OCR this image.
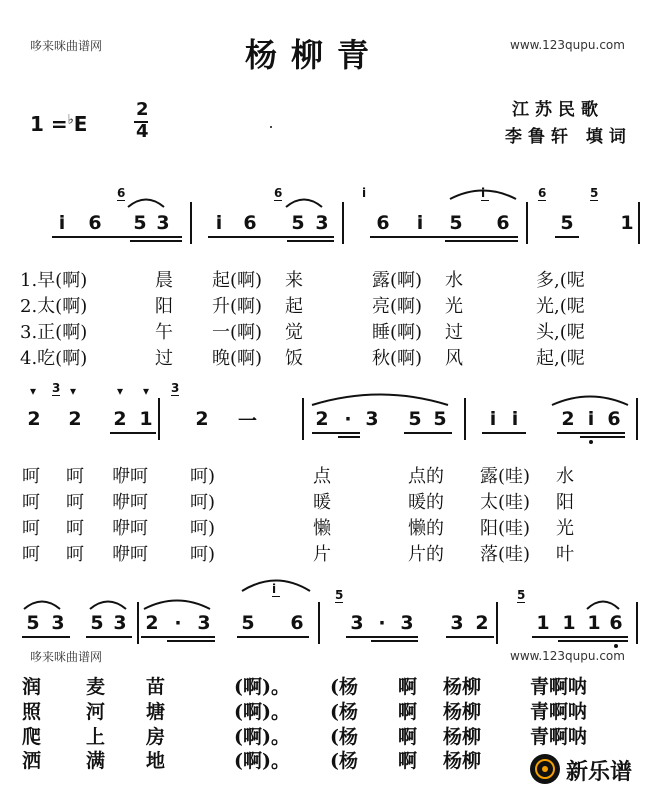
哆来咪曲谱网	杨柳青	www.123qupu.com
1 =♭E
2
4
江苏民歌
李鲁轩 填词
6	6	i	i	6	5
i	6 5 3	i	6 5 3	6	i	5 6	5 1
1.早(啊)	晨 起(啊) 来	露(啊) 水	多,(呢
2.太(啊)	阳 升(啊) 起	亮(啊) 光	光,(呢
3.正(啊)	午 一(啊) 觉	睡(啊) 过	头,(呢
4.吃(啊)	过 晚(啊) 饭	秋(啊) 风	起,(呢
▾	▾	▾ ▾
3	3
2 2 2 1 2 一	2 · 3 5 5	i i	2 i 6
呵 呵 咿呵 呵)	点	点的 露(哇) 水
呵 呵 咿呵 呵)	暖	暖的 太(哇) 阳
呵 呵 咿呵 呵)	懒	懒的 阳(哇) 光
呵 呵 咿呵 呵)	片	片的 落(哇) 叶
i	5	5
5 3 5 3 2 · 3 5 6 3 · 3 3 2	1 1 1 6
哆来咪曲谱网	www.123qupu.com
润 麦 苗	(啊)。 (杨 啊 杨柳	青啊呐
照 河 塘	(啊)。 (杨 啊 杨柳	青啊呐
爬 上 房	(啊)。 (杨 啊 杨柳	青啊呐
洒 满 地	(啊)。 (杨 啊 杨柳	新乐谱
